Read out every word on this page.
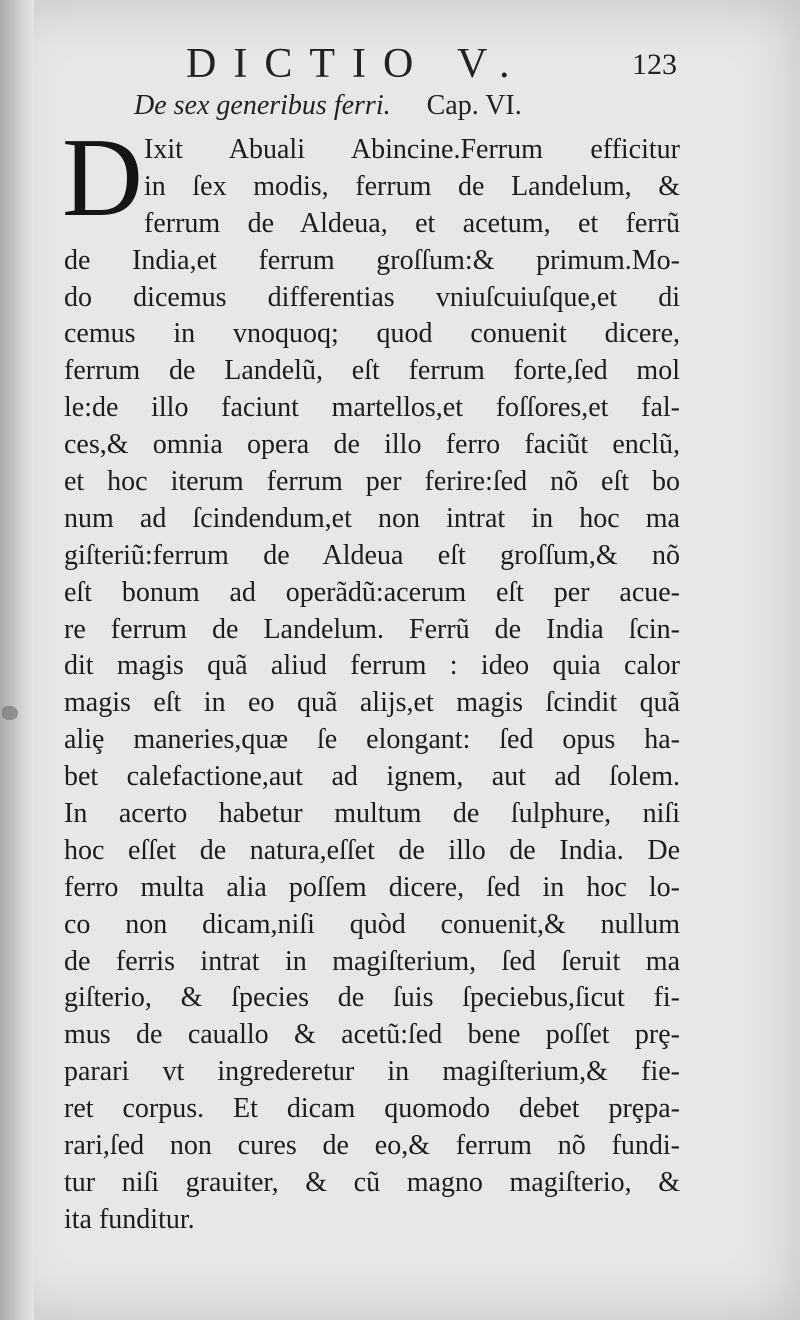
DICTIO V.	123
De sex generibus ferri. Cap. VI.
D Ixit Abuali Abincine.Ferrum efficitur
in ſex modis, ferrum de Landelum, &
ferrum de Aldeua, et acetum, et ferrũ
de India,et ferrum groſſum:& primum.Mo-
do dicemus differentias vniuſcuiuſque,et di
cemus in vnoquoq; quod conuenit dicere,
ferrum de Landelũ, eſt ferrum forte,ſed mol
le:de illo faciunt martellos,et foſſores,et fal-
ces,& omnia opera de illo ferro faciũt enclũ,
et hoc iterum ferrum per ferire:ſed nõ eſt bo
num ad ſcindendum,et non intrat in hoc ma
giſteriũ:ferrum de Aldeua eſt groſſum,& nõ
eſt bonum ad operãdũ:acerum eſt per acue-
re ferrum de Landelum. Ferrũ de India ſcin-
dit magis quã aliud ferrum : ideo quia calor
magis eſt in eo quã alijs,et magis ſcindit quã
aliȩ maneries,quæ ſe elongant: ſed opus ha-
bet calefactione,aut ad ignem, aut ad ſolem.
In acerto habetur multum de ſulphure, niſi
hoc eſſet de natura,eſſet de illo de India. De
ferro multa alia poſſem dicere, ſed in hoc lo-
co non dicam,niſi quòd conuenit,& nullum
de ferris intrat in magiſterium, ſed ſeruit ma
giſterio, & ſpecies de ſuis ſpeciebus,ſicut fi-
mus de cauallo & acetũ:ſed bene poſſet prȩ-
parari vt ingrederetur in magiſterium,& fie-
ret corpus. Et dicam quomodo debet prȩpa-
rari,ſed non cures de eo,& ferrum nõ fundi-
tur niſi grauiter, & cũ magno magiſterio, &
ita funditur.
